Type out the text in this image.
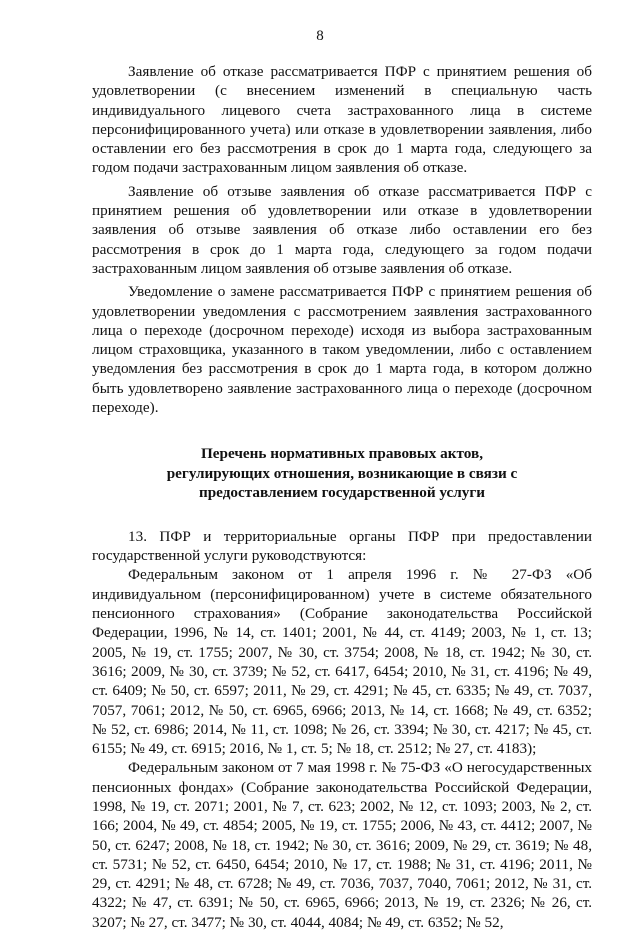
8

Заявление об отказе рассматривается ПФР с принятием решения об удовлетворении (с внесением изменений в специальную часть индивидуального лицевого счета застрахованного лица в системе персонифицированного учета) или отказе в удовлетворении заявления, либо оставлении его без рассмотрения в срок до 1 марта года, следующего за годом подачи застрахованным лицом заявления об отказе.

Заявление об отзыве заявления об отказе рассматривается ПФР с принятием решения об удовлетворении или отказе в удовлетворении заявления об отзыве заявления об отказе либо оставлении его без рассмотрения в срок до 1 марта года, следующего за годом подачи застрахованным лицом заявления об отзыве заявления об отказе.

Уведомление о замене рассматривается ПФР с принятием решения об удовлетворении уведомления с рассмотрением заявления застрахованного лица о переходе (досрочном переходе) исходя из выбора застрахованным лицом страховщика, указанного в таком уведомлении, либо с оставлением уведомления без рассмотрения в срок до 1 марта года, в котором должно быть удовлетворено заявление застрахованного лица о переходе (досрочном переходе).

Перечень нормативных правовых актов,
регулирующих отношения, возникающие в связи с
предоставлением государственной услуги

13. ПФР и территориальные органы ПФР при предоставлении государственной услуги руководствуются:

Федеральным законом от 1 апреля 1996 г. № 27-ФЗ «Об индивидуальном (персонифицированном) учете в системе обязательного пенсионного страхования» (Собрание законодательства Российской Федерации, 1996, № 14, ст. 1401; 2001, № 44, ст. 4149; 2003, № 1, ст. 13; 2005, № 19, ст. 1755; 2007, № 30, ст. 3754; 2008, № 18, ст. 1942; № 30, ст. 3616; 2009, № 30, ст. 3739; № 52, ст. 6417, 6454; 2010, № 31, ст. 4196; № 49, ст. 6409; № 50, ст. 6597; 2011, № 29, ст. 4291; № 45, ст. 6335; № 49, ст. 7037, 7057, 7061; 2012, № 50, ст. 6965, 6966; 2013, № 14, ст. 1668; № 49, ст. 6352; № 52, ст. 6986; 2014, № 11, ст. 1098; № 26, ст. 3394; № 30, ст. 4217; № 45, ст. 6155; № 49, ст. 6915; 2016, № 1, ст. 5; № 18, ст. 2512; № 27, ст. 4183);

Федеральным законом от 7 мая 1998 г. № 75-ФЗ «О негосударственных пенсионных фондах» (Собрание законодательства Российской Федерации, 1998, № 19, ст. 2071; 2001, № 7, ст. 623; 2002, № 12, ст. 1093; 2003, № 2, ст. 166; 2004, № 49, ст. 4854; 2005, № 19, ст. 1755; 2006, № 43, ст. 4412; 2007, № 50, ст. 6247; 2008, № 18, ст. 1942; № 30, ст. 3616; 2009, № 29, ст. 3619; № 48, ст. 5731; № 52, ст. 6450, 6454; 2010, № 17, ст. 1988; № 31, ст. 4196; 2011, № 29, ст. 4291; № 48, ст. 6728; № 49, ст. 7036, 7037, 7040, 7061; 2012, № 31, ст. 4322; № 47, ст. 6391; № 50, ст. 6965, 6966; 2013, № 19, ст. 2326; № 26, ст. 3207; № 27, ст. 3477; № 30, ст. 4044, 4084; № 49, ст. 6352; № 52,
